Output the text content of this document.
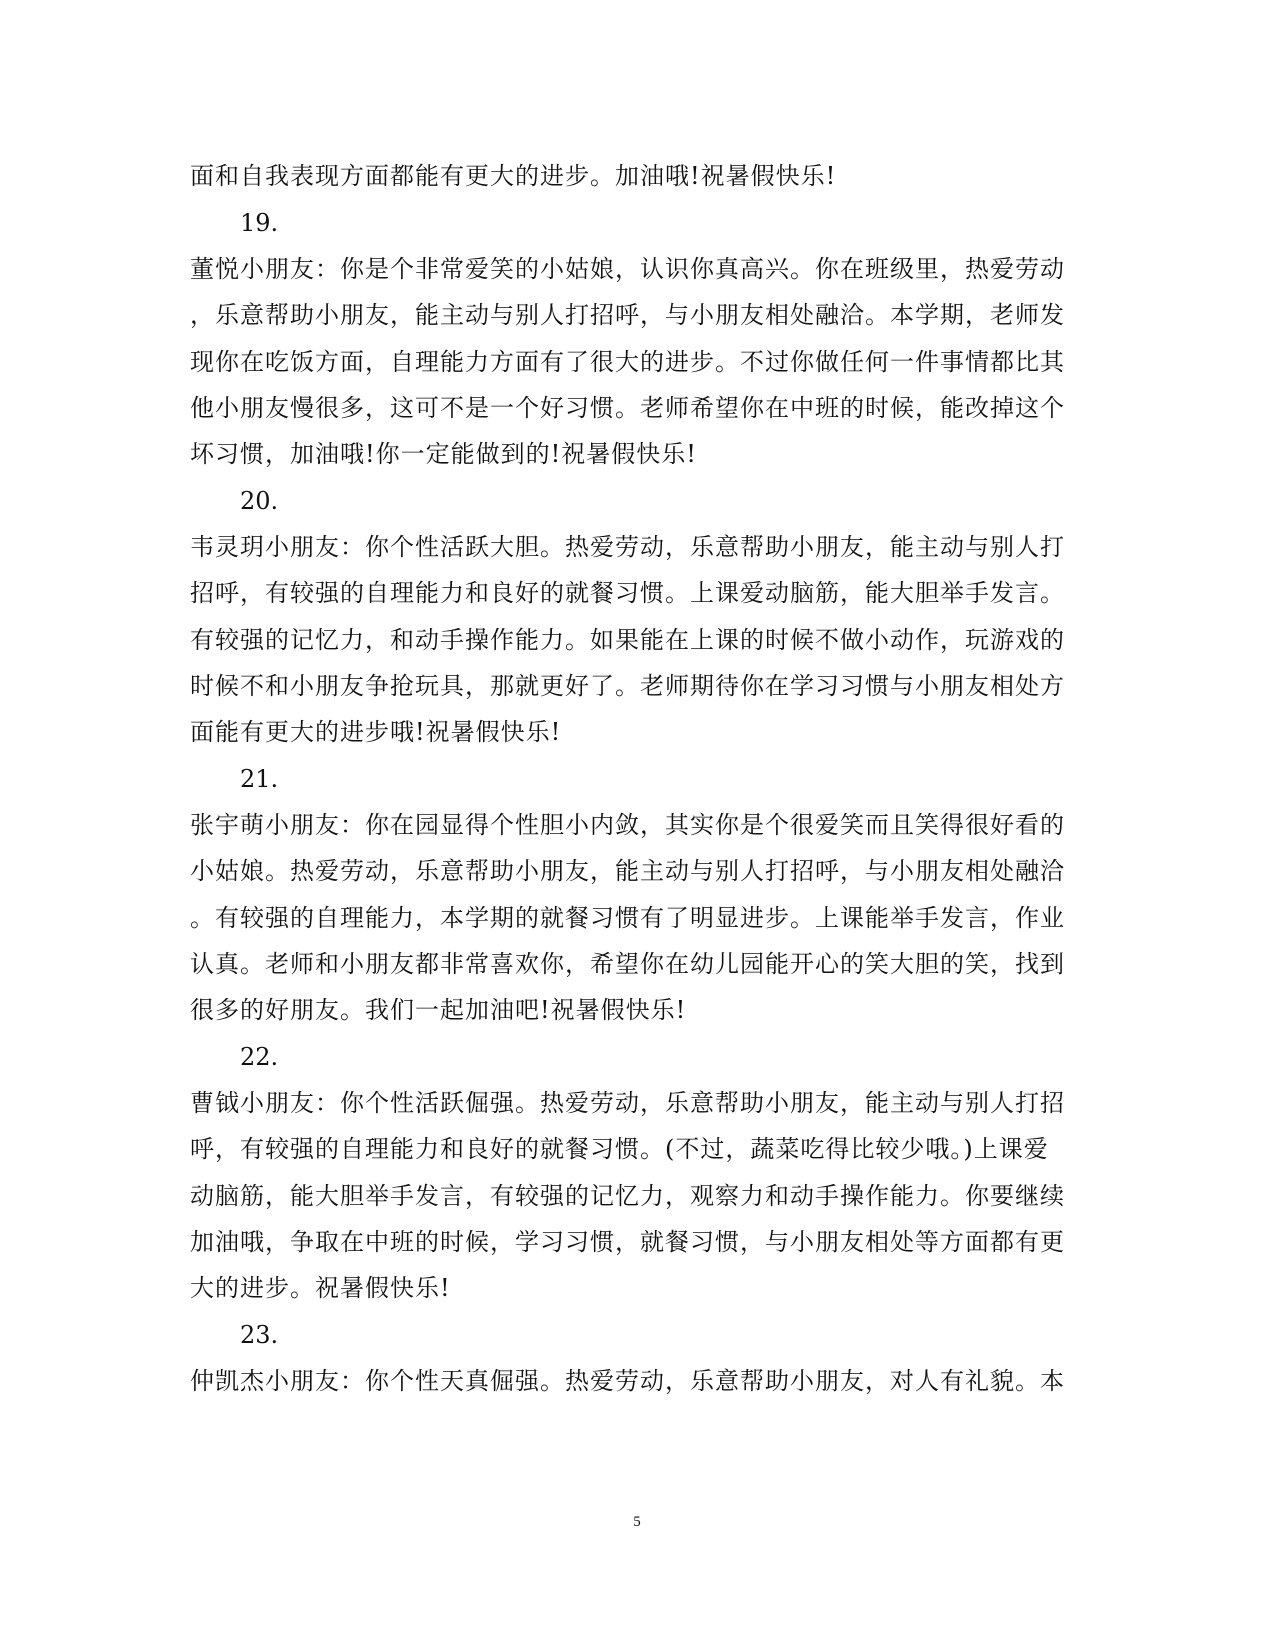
面和自我表现方面都能有更大的进步。加油哦!祝暑假快乐!
19.
董悦小朋友：你是个非常爱笑的小姑娘，认识你真高兴。你在班级里，热爱劳动
，乐意帮助小朋友，能主动与别人打招呼，与小朋友相处融洽。本学期，老师发
现你在吃饭方面，自理能力方面有了很大的进步。不过你做任何一件事情都比其
他小朋友慢很多，这可不是一个好习惯。老师希望你在中班的时候，能改掉这个
坏习惯，加油哦!你一定能做到的!祝暑假快乐!
20.
韦灵玥小朋友：你个性活跃大胆。热爱劳动，乐意帮助小朋友，能主动与别人打
招呼，有较强的自理能力和良好的就餐习惯。上课爱动脑筋，能大胆举手发言。
有较强的记忆力，和动手操作能力。如果能在上课的时候不做小动作，玩游戏的
时候不和小朋友争抢玩具，那就更好了。老师期待你在学习习惯与小朋友相处方
面能有更大的进步哦!祝暑假快乐!
21.
张宇萌小朋友：你在园显得个性胆小内敛，其实你是个很爱笑而且笑得很好看的
小姑娘。热爱劳动，乐意帮助小朋友，能主动与别人打招呼，与小朋友相处融洽
。有较强的自理能力，本学期的就餐习惯有了明显进步。上课能举手发言，作业
认真。老师和小朋友都非常喜欢你，希望你在幼儿园能开心的笑大胆的笑，找到
很多的好朋友。我们一起加油吧!祝暑假快乐!
22.
曹钺小朋友：你个性活跃倔强。热爱劳动，乐意帮助小朋友，能主动与别人打招
呼，有较强的自理能力和良好的就餐习惯。(不过，蔬菜吃得比较少哦。)上课爱
动脑筋，能大胆举手发言，有较强的记忆力，观察力和动手操作能力。你要继续
加油哦，争取在中班的时候，学习习惯，就餐习惯，与小朋友相处等方面都有更
大的进步。祝暑假快乐!
23.
仲凯杰小朋友：你个性天真倔强。热爱劳动，乐意帮助小朋友，对人有礼貌。本
5
